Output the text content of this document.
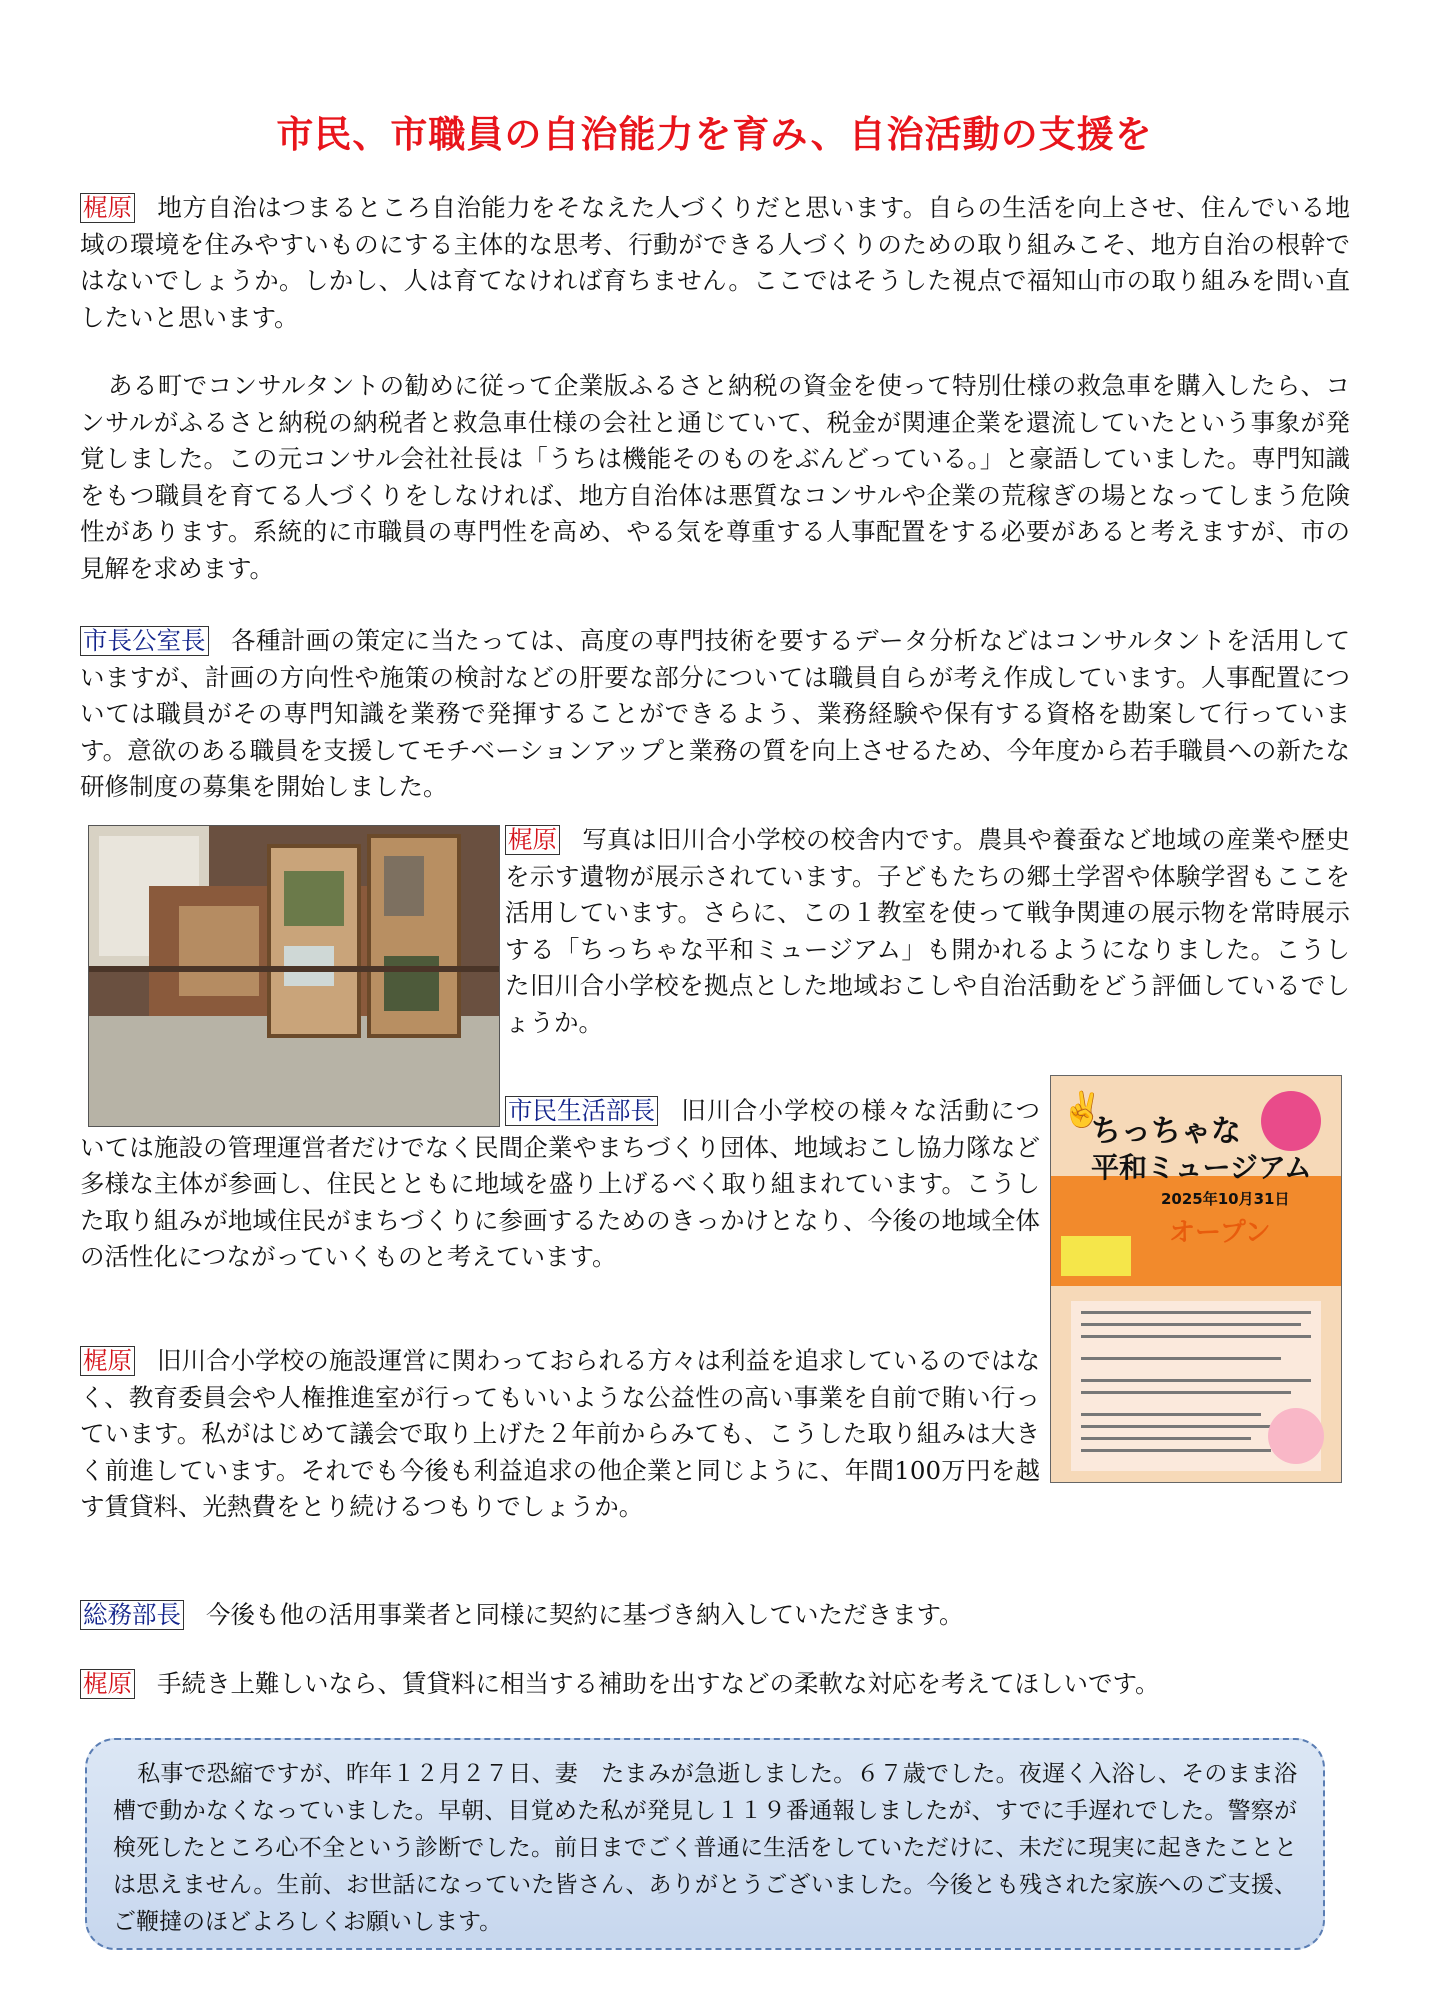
市民、市職員の自治能力を育み、自治活動の支援を
梶原 地方自治はつまるところ自治能力をそなえた人づくりだと思います。自らの生活を向上させ、住んでいる地域の環境を住みやすいものにする主体的な思考、行動ができる人づくりのための取り組みこそ、地方自治の根幹ではないでしょうか。しかし、人は育てなければ育ちません。ここではそうした視点で福知山市の取り組みを問い直したいと思います。
ある町でコンサルタントの勧めに従って企業版ふるさと納税の資金を使って特別仕様の救急車を購入したら、コンサルがふるさと納税の納税者と救急車仕様の会社と通じていて、税金が関連企業を還流していたという事象が発覚しました。この元コンサル会社社長は「うちは機能そのものをぶんどっている。」と豪語していました。専門知識をもつ職員を育てる人づくりをしなければ、地方自治体は悪質なコンサルや企業の荒稼ぎの場となってしまう危険性があります。系統的に市職員の専門性を高め、やる気を尊重する人事配置をする必要があると考えますが、市の見解を求めます。
市長公室長 各種計画の策定に当たっては、高度の専門技術を要するデータ分析などはコンサルタントを活用していますが、計画の方向性や施策の検討などの肝要な部分については職員自らが考え作成しています。人事配置については職員がその専門知識を業務で発揮することができるよう、業務経験や保有する資格を勘案して行っています。意欲のある職員を支援してモチベーションアップと業務の質を向上させるため、今年度から若手職員への新たな研修制度の募集を開始しました。
梶原 写真は旧川合小学校の校舎内です。農具や養蚕など地域の産業や歴史を示す遺物が展示されています。子どもたちの郷土学習や体験学習もここを活用しています。さらに、この１教室を使って戦争関連の展示物を常時展示する「ちっちゃな平和ミュージアム」も開かれるようになりました。こうした旧川合小学校を拠点とした地域おこしや自治活動をどう評価しているでしょうか。
✌
ちっちゃな
平和ミュージアム
2025年10月31日
オープン
市民生活部長 旧川合小学校の様々な活動については施設の管理運営者だけでなく民間企業やまちづくり団体、地域おこし協力隊など多様な主体が参画し、住民とともに地域を盛り上げるべく取り組まれています。こうした取り組みが地域住民がまちづくりに参画するためのきっかけとなり、今後の地域全体の活性化につながっていくものと考えています。
梶原 旧川合小学校の施設運営に関わっておられる方々は利益を追求しているのではなく、教育委員会や人権推進室が行ってもいいような公益性の高い事業を自前で賄い行っています。私がはじめて議会で取り上げた２年前からみても、こうした取り組みは大きく前進しています。それでも今後も利益追求の他企業と同じように、年間100万円を越す賃貸料、光熱費をとり続けるつもりでしょうか。
総務部長 今後も他の活用事業者と同様に契約に基づき納入していただきます。
梶原 手続き上難しいなら、賃貸料に相当する補助を出すなどの柔軟な対応を考えてほしいです。
私事で恐縮ですが、昨年１２月２７日、妻　たまみが急逝しました。６７歳でした。夜遅く入浴し、そのまま浴槽で動かなくなっていました。早朝、目覚めた私が発見し１１９番通報しましたが、すでに手遅れでした。警察が検死したところ心不全という診断でした。前日までごく普通に生活をしていただけに、未だに現実に起きたこととは思えません。生前、お世話になっていた皆さん、ありがとうございました。今後とも残された家族へのご支援、ご鞭撻のほどよろしくお願いします。
